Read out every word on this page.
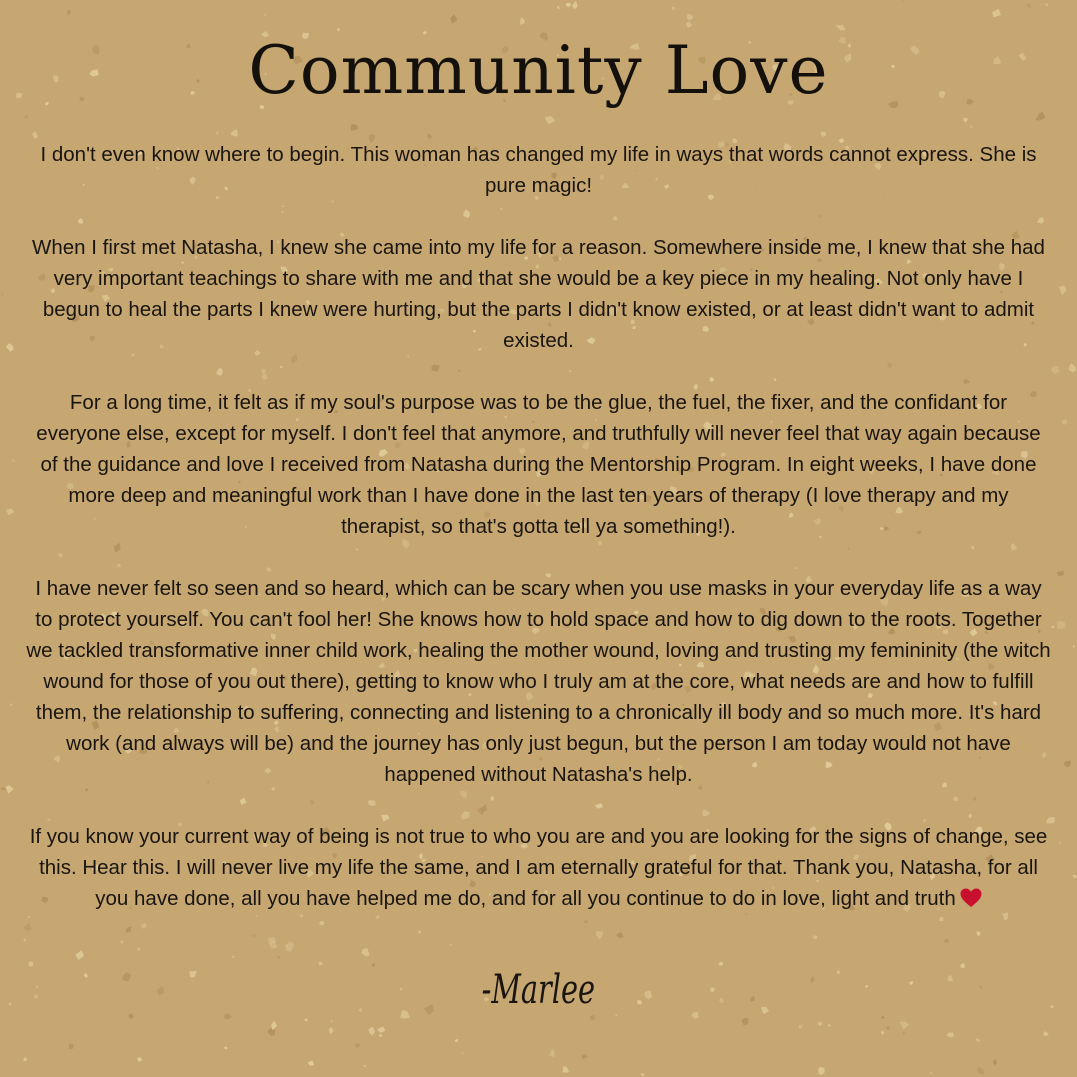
Community Love

I don't even know where to begin. This woman has changed my life in ways that words cannot express. She is pure magic!

When I first met Natasha, I knew she came into my life for a reason. Somewhere inside me, I knew that she had very important teachings to share with me and that she would be a key piece in my healing. Not only have I begun to heal the parts I knew were hurting, but the parts I didn't know existed, or at least didn't want to admit existed.

For a long time, it felt as if my soul's purpose was to be the glue, the fuel, the fixer, and the confidant for everyone else, except for myself. I don't feel that anymore, and truthfully will never feel that way again because of the guidance and love I received from Natasha during the Mentorship Program. In eight weeks, I have done more deep and meaningful work than I have done in the last ten years of therapy (I love therapy and my therapist, so that's gotta tell ya something!).

I have never felt so seen and so heard, which can be scary when you use masks in your everyday life as a way to protect yourself. You can't fool her! She knows how to hold space and how to dig down to the roots. Together we tackled transformative inner child work, healing the mother wound, loving and trusting my femininity (the witch wound for those of you out there), getting to know who I truly am at the core, what needs are and how to fulfill them, the relationship to suffering, connecting and listening to a chronically ill body and so much more. It's hard work (and always will be) and the journey has only just begun, but the person I am today would not have happened without Natasha's help.

If you know your current way of being is not true to who you are and you are looking for the signs of change, see this. Hear this. I will never live my life the same, and I am eternally grateful for that. Thank you, Natasha, for all you have done, all you have helped me do, and for all you continue to do in love, light and truth

-Marlee
